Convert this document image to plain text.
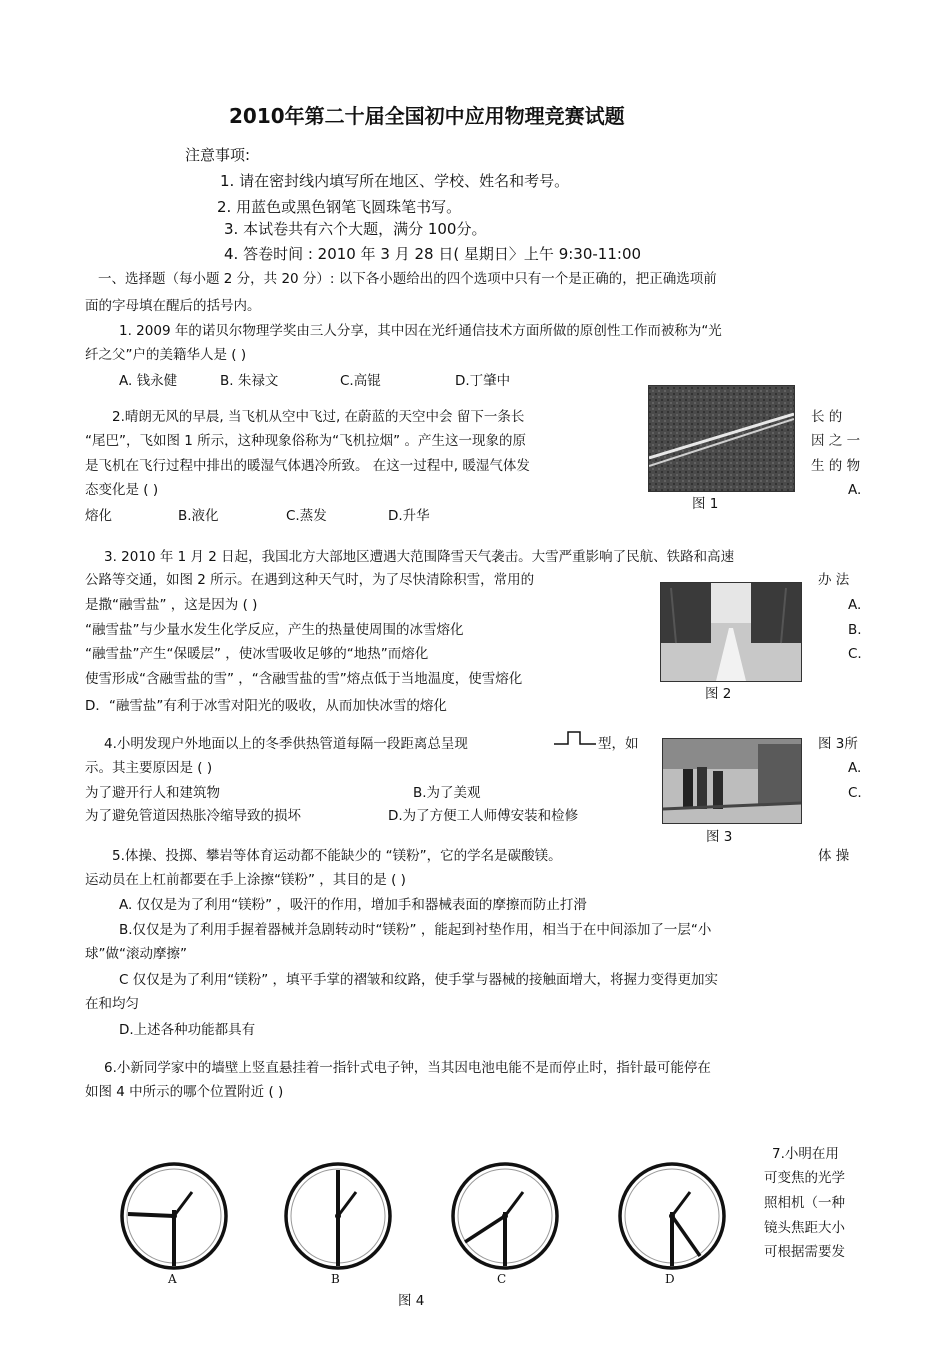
2010年第二十届全国初中应用物理竞赛试题
注意事项:
1. 请在密封线内填写所在地区、学校、姓名和考号。
2. 用蓝色或黑色钢笔飞圆珠笔书写。
3. 本试卷共有六个大题，满分 100分。
4. 答卷时间 : 2010 年 3 月 28 日( 星期日〉上午 9:30-11:00
一、选择题（每小题 2 分，共 20 分）: 以下各小题给出的四个选项中只有一个是正确的，把正确选项前
面的字母填在醒后的括号内。
1. 2009 年的诺贝尔物理学奖由三人分享，其中因在光纤通信技术方面所做的原创性工作而被称为“光
纤之父”户的美籍华人是 ( )
A. 钱永健	B. 朱禄文	C.高锟	D.丁肇中
2.晴朗无风的早晨, 当飞机从空中飞过, 在蔚蓝的天空中会 留下一条长
“尾巴”，飞如图 1 所示，这种现象俗称为“飞机拉烟” 。产生这一现象的原
是飞机在飞行过程中排出的暖湿气体遇冷所致。 在这一过程中, 暖湿气体发
态变化是 ( )
长 的
因 之 一
生 的 物
A.
熔化	B.液化	C.蒸发	D.升华
图 1
3. 2010 年 1 月 2 日起，我国北方大部地区遭遇大范围降雪天气袭击。大雪严重影响了民航、铁路和高速
公路等交通，如图 2 所示。在遇到这种天气时，为了尽快清除积雪，常用的
是撒“融雪盐” ，这是因为 ( )
“融雪盐”与少量水发生化学反应，产生的热量使周围的冰雪熔化
“融雪盐”产生“保暖层” ，使冰雪吸收足够的“地热”而熔化
使雪形成“含融雪盐的雪” ，“含融雪盐的雪”熔点低于当地温度，使雪熔化
D．“融雪盐”有利于冰雪对阳光的吸收，从而加快冰雪的熔化
办 法
A.
B.
C.
图 2
4.小明发现户外地面以上的冬季供热管道每隔一段距离总呈现	型，如	图 3所
示。其主要原因是 ( )	A.
为了避开行人和建筑物	B.为了美观	C.
为了避免管道因热胀冷缩导致的损坏	D.为了方便工人师傅安装和检修
图 3
5.体操、投掷、攀岩等体育运动都不能缺少的 “镁粉”，它的学名是碳酸镁。	体 操
运动员在上杠前都要在手上涂擦“镁粉” ，其目的是 ( )
A. 仅仅是为了利用“镁粉” ，吸汗的作用，增加手和器械表面的摩擦而防止打滑
B.仅仅是为了利用手握着器械并急剧转动时“镁粉” ，能起到衬垫作用，相当于在中间添加了一层“小
球”做“滚动摩擦”
C 仅仅是为了利用“镁粉” ，填平手掌的褶皱和纹路，使手掌与器械的接触面增大，将握力变得更加实
在和均匀
D.上述各种功能都具有
6.小新同学家中的墙壁上竖直悬挂着一指针式电子钟，当其因电池电能不是而停止时，指针最可能停在
如图 4 中所示的哪个位置附近 ( )
A	B	C	D
图 4
7.小明在用
可变焦的光学
照相机（一种
镜头焦距大小
可根据需要发
